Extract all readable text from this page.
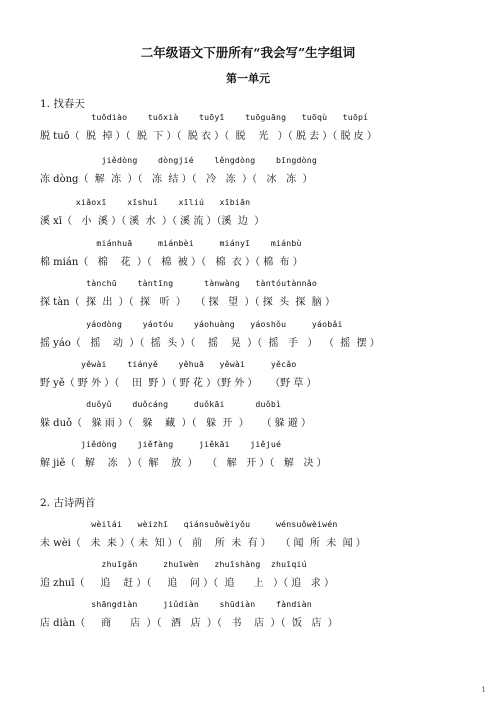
二年级语文下册所有“我会写”生字组词
第一单元
1. 找春天
tuōdiào    tuōxià    tuōyī    tuōguāng   tuōqù   tuōpí
脱 tuō（  脱  掉 ）（  脱  下 ）（  脱 衣 ）（  脱    光   ）（ 脱 去 ）（ 脱 皮 ）
jiědòng    dòngjié    lěngdòng    bīngdòng
冻 dòng（  解  冻  ）（   冻  结 ）（   冷   冻  ）（   冰   冻  ）
xiǎoxī    xīshuǐ    xīliú   xībiān
溪 xī（   小  溪 ）（ 溪  水  ）（ 溪 流 ）（溪  边  ）
miánhuā     miánbèi     miányī    miánbù
棉 mián（   棉    花  ）（   棉  被 ）（   棉  衣 ）（ 棉  布 ）
tànchū    tàntīng      tànwàng   tàntóutànnǎo
探 tàn（  探  出  ）（  探   听  ）   （ 探   望  ）（ 探  头  探  脑 ）
yáodòng    yáotóu    yáohuàng   yáoshǒu     yáobǎi
摇 yáo（   摇    动  ）（  摇  头 ）（    摇    晃  ）（  摇   手   ）  （  摇  摆 ）
yěwài    tiányě    yěhuā   yěwài     yěcǎo
野 yě（ 野 外 ）（    田  野 ）（ 野 花 ）（野 外 ）    （野 草 ）
duǒyǔ    duǒcáng     duǒkāi      duǒbì
躲 duǒ（   躲 雨 ）（   躲    藏  ）（   躲  开  ）    （ 躲 避 ）
jiědòng    jiěfàng     jiěkāi    jiějué
解 jiě（   解    冻   ）（  解    放  ）   （   解   开 ）（   解   决 ）
2. 古诗两首
wèilái   wèizhī   qiánsuǒwèiyǒu     wénsuǒwèiwén
未 wèi（   未  来 ）（ 未  知 ）（   前    所  未  有 ）   （ 闻  所  未  闻 ）
zhuīgǎn     zhuīwèn   zhuīshàng  zhuīqiú
追 zhuī（     追    赶 ）（     追    问 ）（  追      上   ）（ 追   求 ）
shāngdiàn     jiǔdiàn    shūdiàn    fàndiàn
店 diàn（     商      店  ）（   酒   店  ）（   书    店  ）（  饭   店  ）
1
